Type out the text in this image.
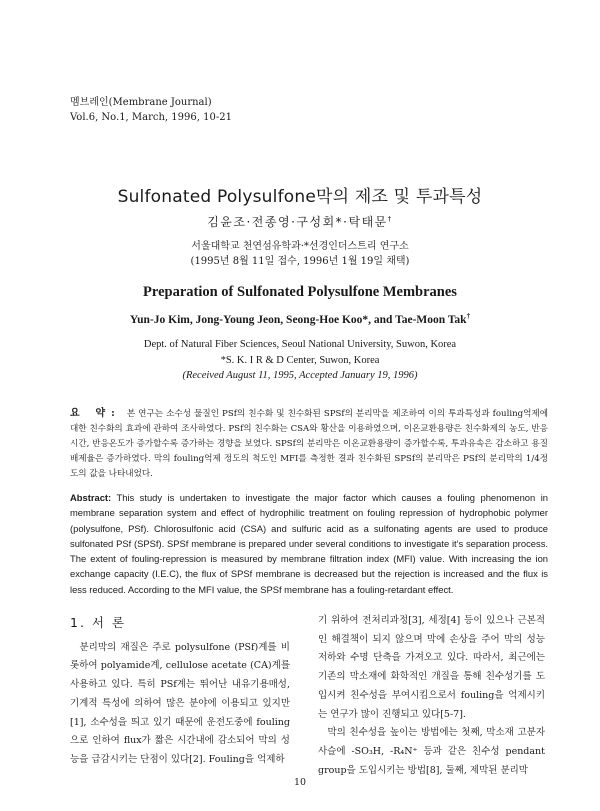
멤브레인(Membrane Journal)
Vol.6, No.1, March, 1996, 10-21
Sulfonated Polysulfone막의 제조 및 투과특성
김윤조·전종영·구성회*·탁태문†
서울대학교 천연섬유학과·*선경인더스트리 연구소
(1995년 8월 11일 접수, 1996년 1월 19일 채택)
Preparation of Sulfonated Polysulfone Membranes
Yun-Jo Kim, Jong-Young Jeon, Seong-Hoe Koo*, and Tae-Moon Tak†
Dept. of Natural Fiber Sciences, Seoul National University, Suwon, Korea
*S. K. I R & D Center, Suwon, Korea
(Received August 11, 1995, Accepted January 19, 1996)
요 약: 본 연구는 소수성 물질인 PSf의 친수화 및 친수화된 SPSf의 분리막을 제조하여 이의 투과특성과 fouling억제에 대한 친수화의 효과에 관하여 조사하였다. PSf의 친수화는 CSA와 황산을 이용하였으며, 이온교환용량은 친수화제의 농도, 반응시간, 반응온도가 증가할수록 증가하는 경향을 보였다. SPSf의 분리막은 이온교환용량이 증가할수록, 투과유속은 감소하고 용질배제율은 증가하였다. 막의 fouling억제 정도의 척도인 MFI를 측정한 결과 친수화된 SPSf의 분리막은 PSf의 분리막의 1/4정도의 값을 나타내었다.
Abstract: This study is undertaken to investigate the major factor which causes a fouling phenomenon in membrane separation system and effect of hydrophilic treatment on fouling repression of hydrophobic polymer (polysulfone, PSf). Chlorosulfonic acid (CSA) and sulfuric acid as a sulfonating agents are used to produce sulfonated PSf (SPSf). SPSf membrane is prepared under several conditions to investigate it's separation process. The extent of fouling-repression is measured by membrane filtration index (MFI) value. With increasing the ion exchange capacity (I.E.C), the flux of SPSf membrane is decreased but the rejection is increased and the flux is less reduced. According to the MFI value, the SPSf membrane has a fouling-retardant effect.
1. 서 론

분리막의 재질은 주로 polysulfone (PSf)계를 비롯하여 polyamide계, cellulose acetate (CA)계를 사용하고 있다. 특히 PSf계는 뛰어난 내유기용매성, 기계적 특성에 의하여 많은 분야에 이용되고 있지만 [1], 소수성을 띄고 있기 때문에 운전도중에 fouling으로 인하여 flux가 짧은 시간내에 감소되어 막의 성능을 급감시키는 단점이 있다[2]. Fouling을 억제하

기 위하여 전처리과정[3], 세정[4] 등이 있으나 근본적인 해결책이 되지 않으며 막에 손상을 주어 막의 성능 저하와 수명 단축을 가져오고 있다. 따라서, 최근에는 기존의 막소재에 화학적인 개질을 통해 친수성기를 도입시켜 친수성을 부여시킴으로서 fouling을 억제시키는 연구가 많이 진행되고 있다[5-7].

막의 친수성을 높이는 방법에는 첫째, 막소재 고분자 사슬에 -SO₃H, -R₄N⁺ 등과 같은 친수성 pendant group을 도입시키는 방법[8], 둘째, 제막된 분리막

10
